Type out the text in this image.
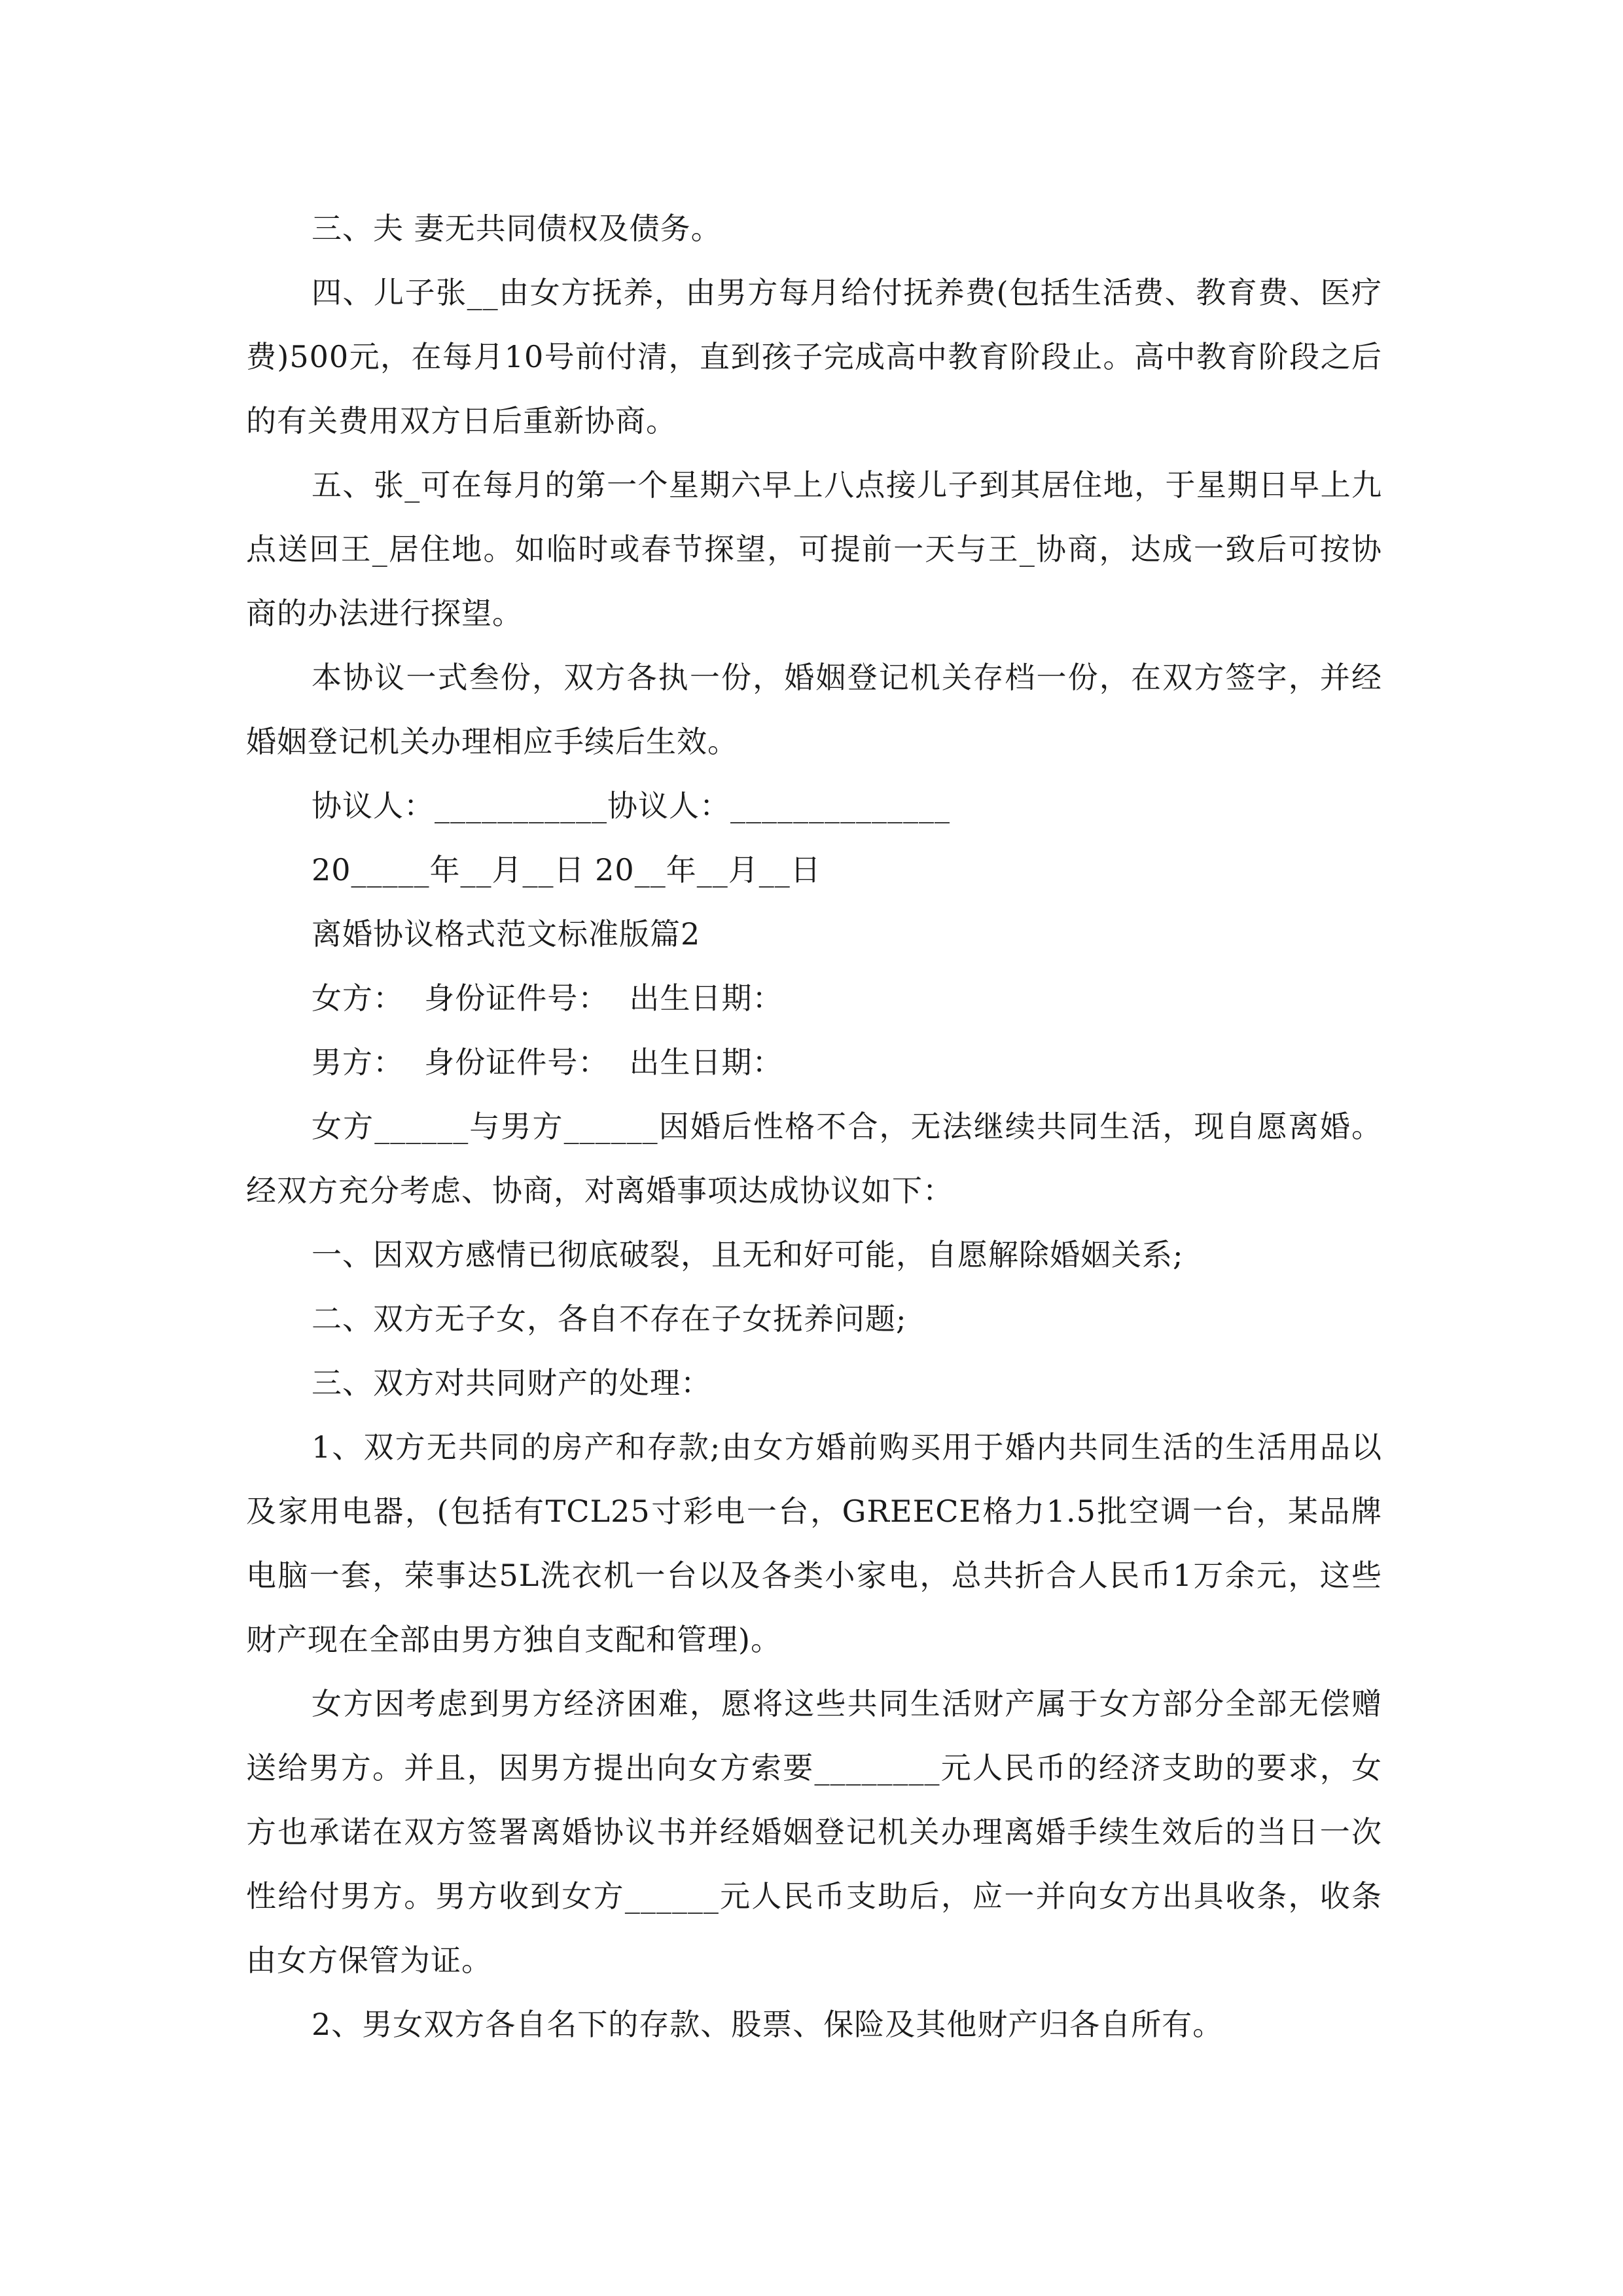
三、夫 妻无共同债权及债务。

四、儿子张__由女方抚养，由男方每月给付抚养费(包括生活费、教育费、医疗费)500元，在每月10号前付清，直到孩子完成高中教育阶段止。高中教育阶段之后的有关费用双方日后重新协商。

五、张_可在每月的第一个星期六早上八点接儿子到其居住地，于星期日早上九点送回王_居住地。如临时或春节探望，可提前一天与王_协商，达成一致后可按协商的办法进行探望。

本协议一式叁份，双方各执一份，婚姻登记机关存档一份，在双方签字，并经婚姻登记机关办理相应手续后生效。

协议人：___________协议人：______________

20_____年__月__日 20__年__月__日

离婚协议格式范文标准版篇2

女方：  身份证件号：  出生日期：

男方：  身份证件号：  出生日期：

女方______与男方______因婚后性格不合，无法继续共同生活，现自愿离婚。经双方充分考虑、协商，对离婚事项达成协议如下：

一、因双方感情已彻底破裂，且无和好可能，自愿解除婚姻关系;

二、双方无子女，各自不存在子女抚养问题;

三、双方对共同财产的处理：

1、双方无共同的房产和存款;由女方婚前购买用于婚内共同生活的生活用品以及家用电器，(包括有TCL25寸彩电一台，GREECE格力1.5批空调一台，某品牌电脑一套，荣事达5L洗衣机一台以及各类小家电，总共折合人民币1万余元，这些财产现在全部由男方独自支配和管理)。

女方因考虑到男方经济困难，愿将这些共同生活财产属于女方部分全部无偿赠送给男方。并且，因男方提出向女方索要________元人民币的经济支助的要求，女方也承诺在双方签署离婚协议书并经婚姻登记机关办理离婚手续生效后的当日一次性给付男方。男方收到女方______元人民币支助后，应一并向女方出具收条，收条由女方保管为证。

2、男女双方各自名下的存款、股票、保险及其他财产归各自所有。
